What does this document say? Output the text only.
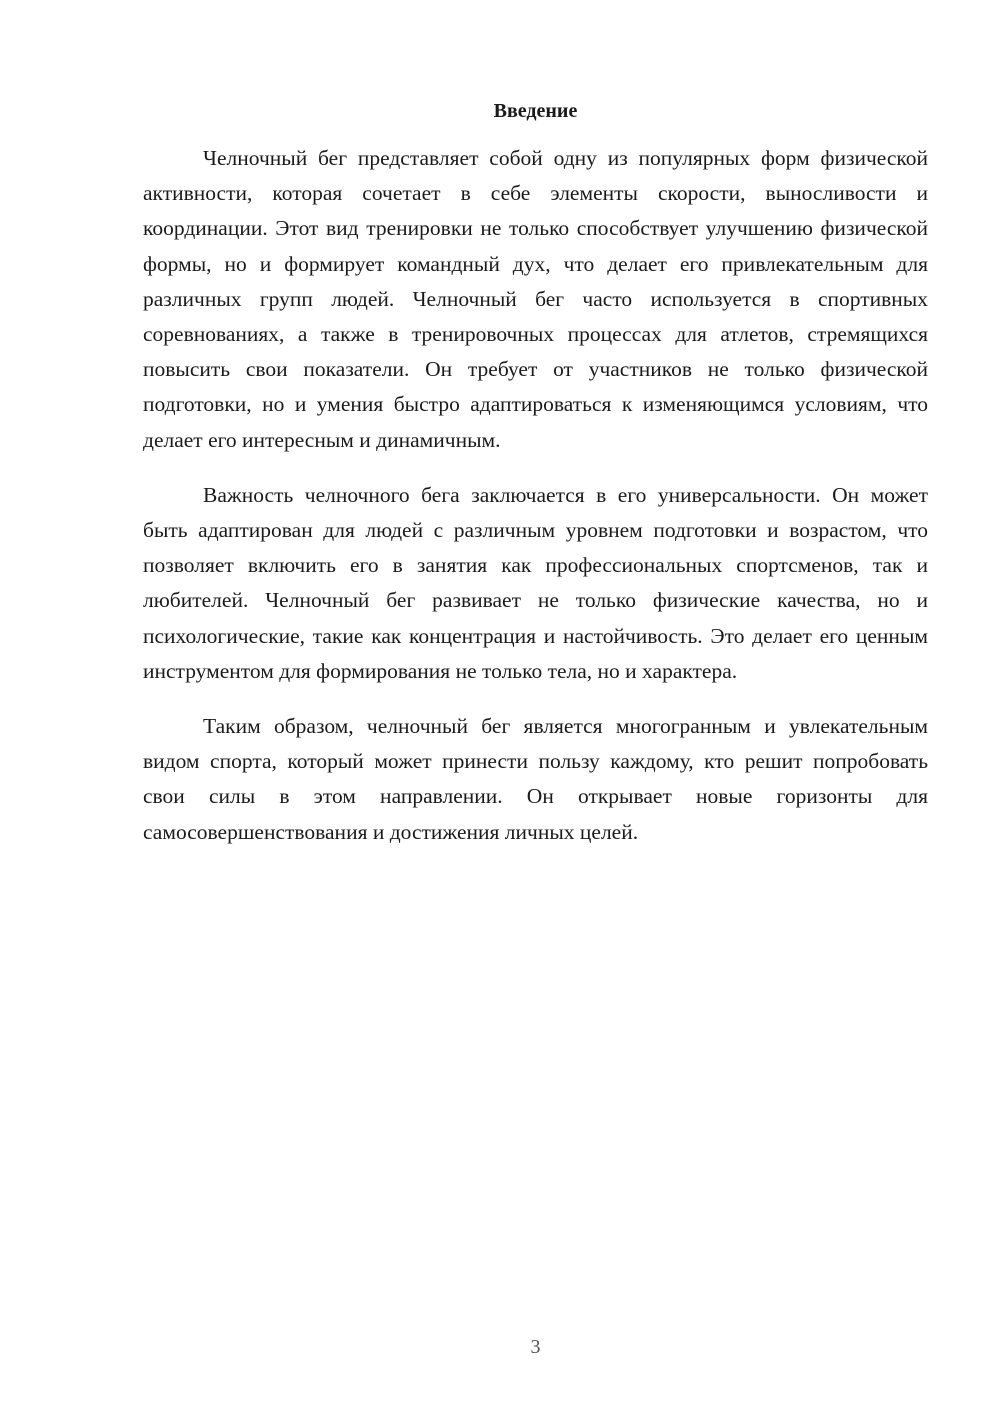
Введение

Челночный бег представляет собой одну из популярных форм физической активности, которая сочетает в себе элементы скорости, выносливости и координации. Этот вид тренировки не только способствует улучшению физической формы, но и формирует командный дух, что делает его привлекательным для различных групп людей. Челночный бег часто используется в спортивных соревнованиях, а также в тренировочных процессах для атлетов, стремящихся повысить свои показатели. Он требует от участников не только физической подготовки, но и умения быстро адаптироваться к изменяющимся условиям, что делает его интересным и динамичным.

Важность челночного бега заключается в его универсальности. Он может быть адаптирован для людей с различным уровнем подготовки и возрастом, что позволяет включить его в занятия как профессиональных спортсменов, так и любителей. Челночный бег развивает не только физические качества, но и психологические, такие как концентрация и настойчивость. Это делает его ценным инструментом для формирования не только тела, но и характера.

Таким образом, челночный бег является многогранным и увлекательным видом спорта, который может принести пользу каждому, кто решит попробовать свои силы в этом направлении. Он открывает новые горизонты для самосовершенствования и достижения личных целей.

3
